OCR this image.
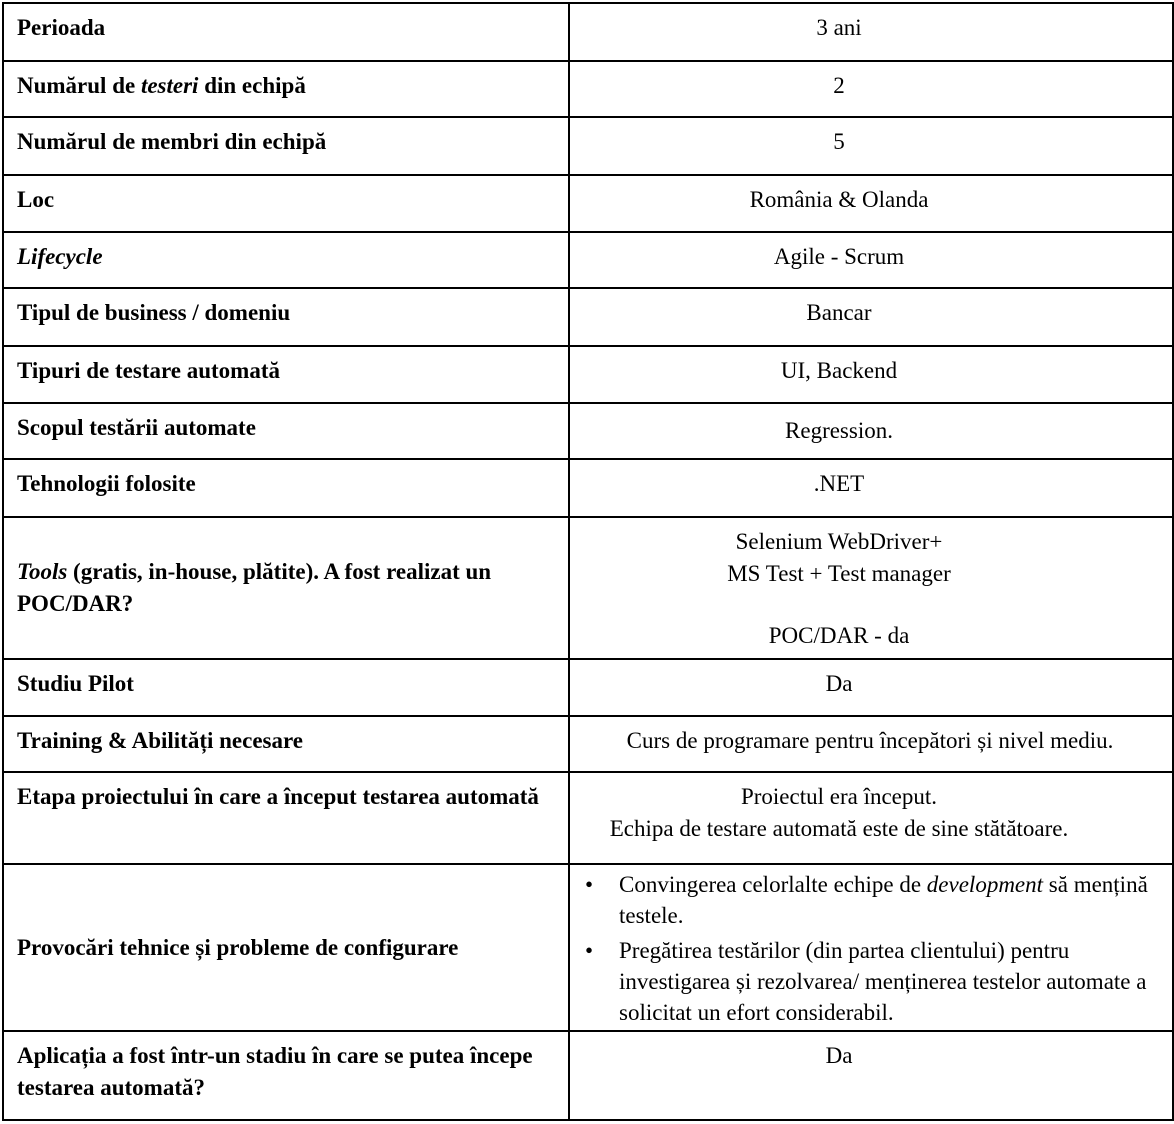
Perioada	3 ani

Numărul de testeri din echipă	2

Numărul de membri din echipă	5

Loc	România & Olanda

Lifecycle	Agile - Scrum

Tipul de business / domeniu	Bancar

Tipuri de testare automată	UI, Backend

Scopul testării automate	Regression.

Tehnologii folosite	.NET

Tools (gratis, in-house, plătite). A fost realizat un POC/DAR?	Selenium WebDriver+
MS Test + Test manager
POC/DAR - da

Studiu Pilot	Da

Training & Abilități necesare	Curs de programare pentru începători și nivel mediu.

Etapa proiectului în care a început testarea automată	Proiectul era început.
Echipa de testare automată este de sine stătătoare.

Provocări tehnice și probleme de configurare	
• Convingerea celorlalte echipe de development să mențină testele.
• Pregătirea testărilor (din partea clientului) pentru investigarea și rezolvarea/ menținerea testelor automate a solicitat un efort considerabil.

Aplicația a fost într-un stadiu în care se putea începe testarea automată?	Da
